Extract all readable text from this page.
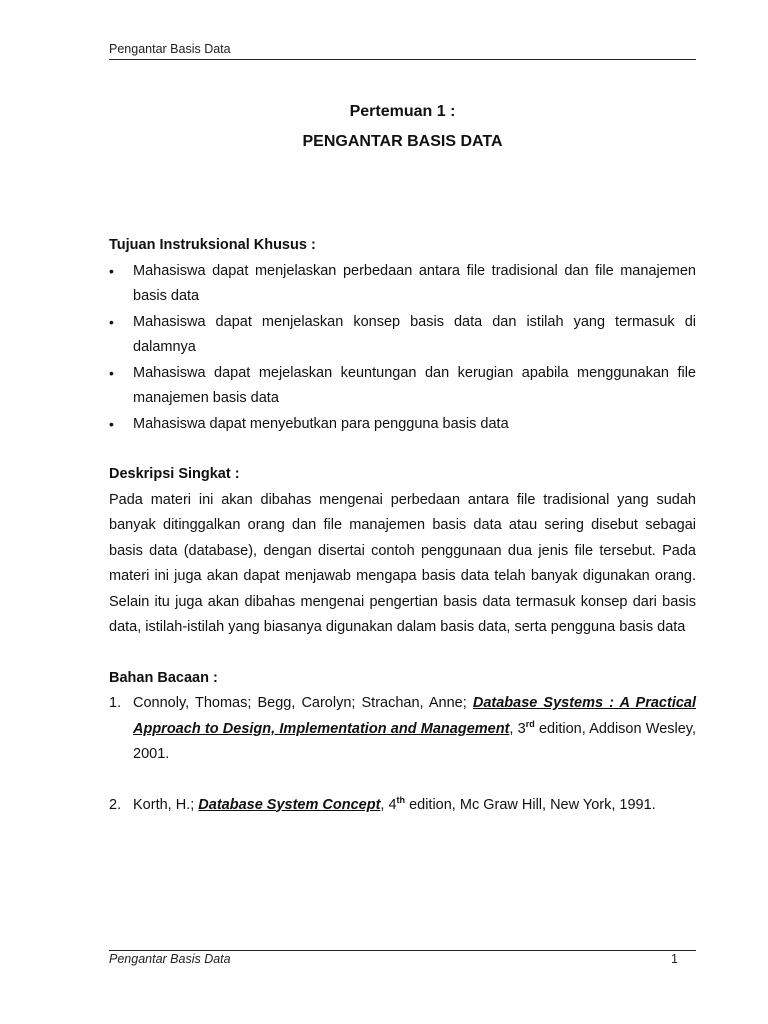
Pengantar Basis Data
Pertemuan 1 :
PENGANTAR BASIS DATA

Tujuan Instruksional Khusus :

• Mahasiswa dapat menjelaskan perbedaan antara file tradisional dan file manajemen basis data
• Mahasiswa dapat menjelaskan konsep basis data dan istilah yang termasuk di dalamnya
• Mahasiswa dapat mejelaskan keuntungan dan kerugian apabila menggunakan file manajemen basis data
• Mahasiswa dapat menyebutkan para pengguna basis data

Deskripsi Singkat :

Pada materi ini akan dibahas mengenai perbedaan antara file tradisional yang sudah banyak ditinggalkan orang dan file manajemen basis data atau sering disebut sebagai basis data (database), dengan disertai contoh penggunaan dua jenis file tersebut. Pada materi ini juga akan dapat menjawab mengapa basis data telah banyak digunakan orang. Selain itu juga akan dibahas mengenai pengertian basis data termasuk konsep dari basis data, istilah-istilah yang biasanya digunakan dalam basis data, serta pengguna basis data

Bahan Bacaan :

1. Connoly, Thomas; Begg, Carolyn; Strachan, Anne; Database Systems : A Practical Approach to Design, Implementation and Management, 3rd edition, Addison Wesley, 2001.
2. Korth, H.; Database System Concept, 4th edition, Mc Graw Hill, New York, 1991.
Pengantar Basis Data	1
